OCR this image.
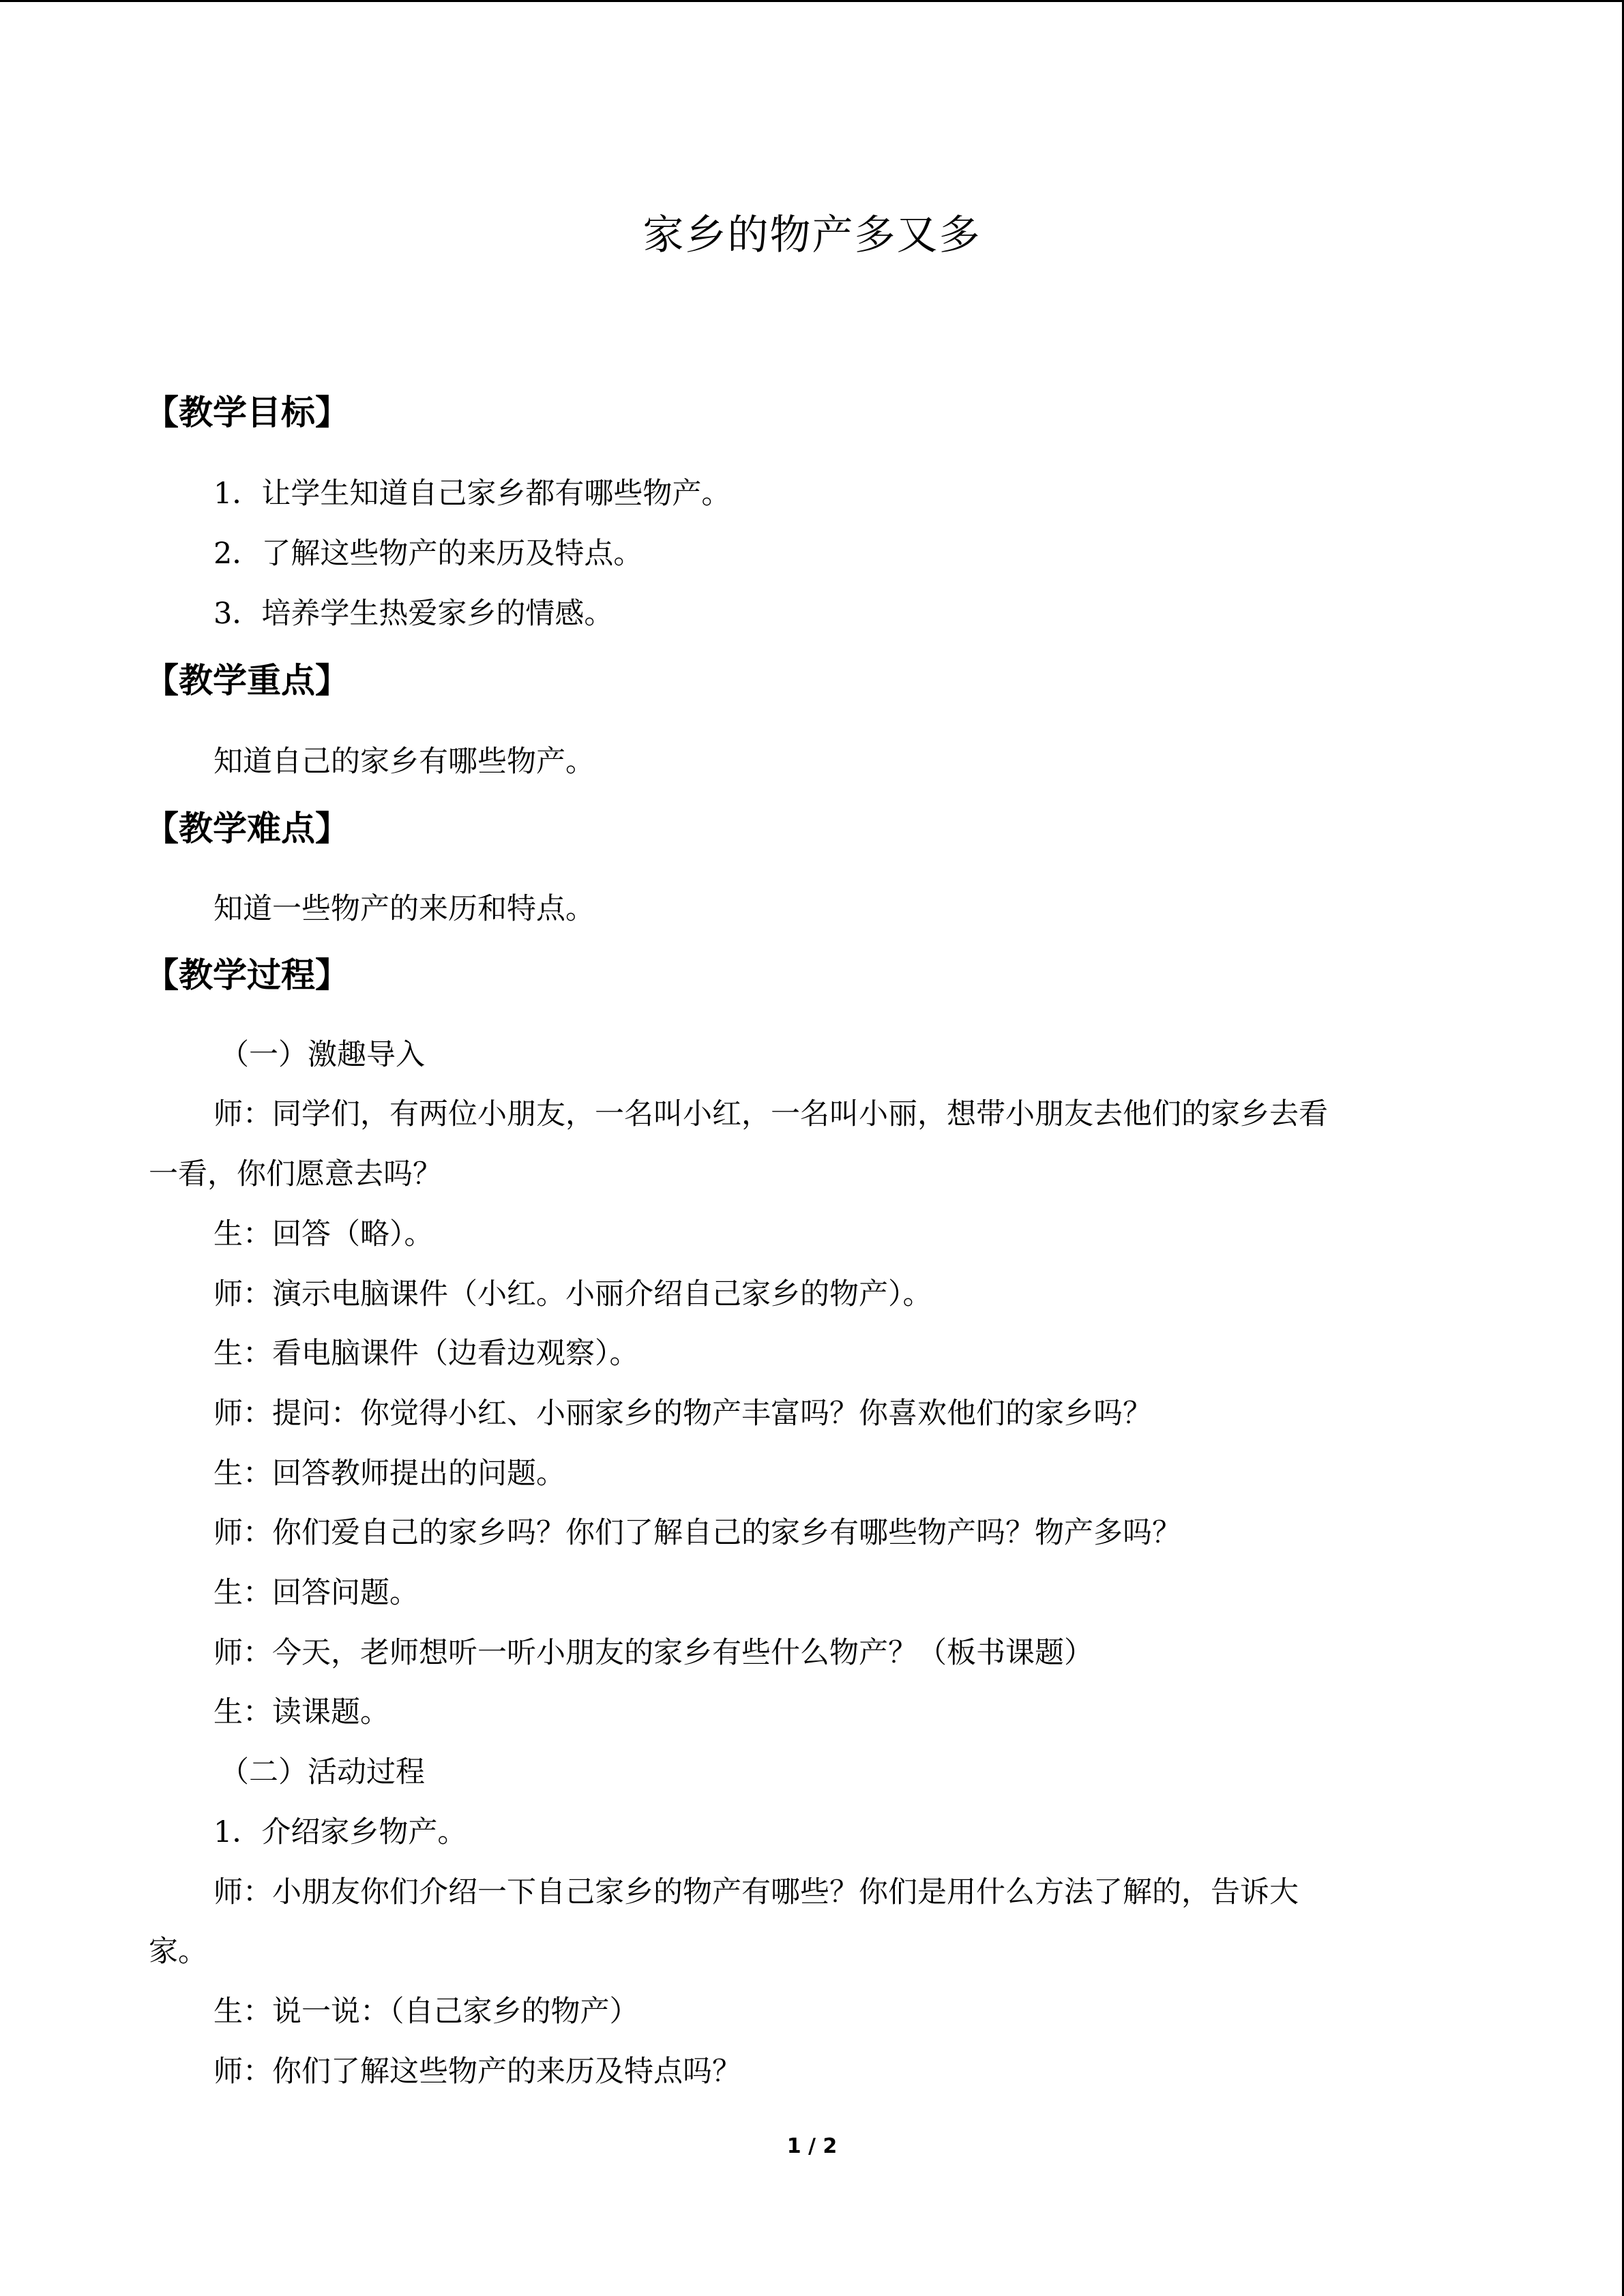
家乡的物产多又多
【教学目标】
1．让学生知道自己家乡都有哪些物产。
2．了解这些物产的来历及特点。
3．培养学生热爱家乡的情感。
【教学重点】
知道自己的家乡有哪些物产。
【教学难点】
知道一些物产的来历和特点。
【教学过程】
（一）激趣导入
师：同学们，有两位小朋友，一名叫小红，一名叫小丽，想带小朋友去他们的家乡去看
一看，你们愿意去吗？
生：回答（略）。
师：演示电脑课件（小红。小丽介绍自己家乡的物产）。
生：看电脑课件（边看边观察）。
师：提问：你觉得小红、小丽家乡的物产丰富吗？你喜欢他们的家乡吗？
生：回答教师提出的问题。
师：你们爱自己的家乡吗？你们了解自己的家乡有哪些物产吗？物产多吗？
生：回答问题。
师：今天，老师想听一听小朋友的家乡有些什么物产？（板书课题）
生：读课题。
（二）活动过程
1．介绍家乡物产。
师：小朋友你们介绍一下自己家乡的物产有哪些？你们是用什么方法了解的，告诉大
家。
生：说一说：（自己家乡的物产）
师：你们了解这些物产的来历及特点吗？
1 / 2
